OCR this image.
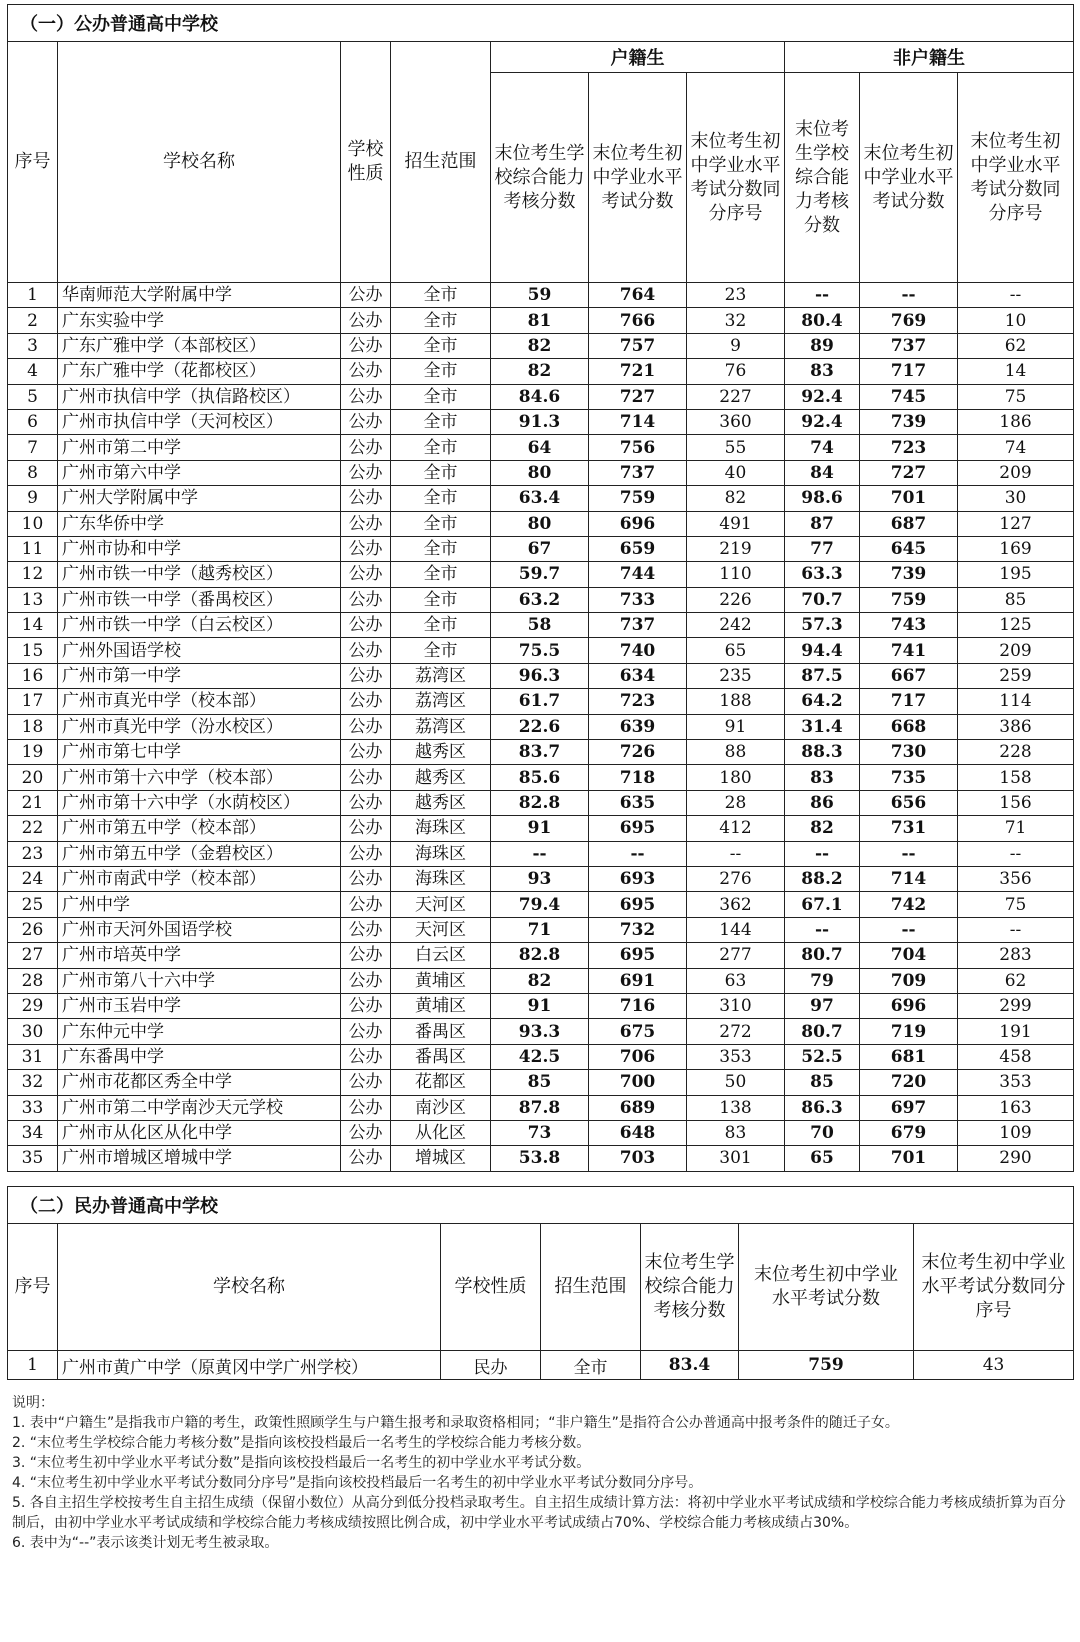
（一）公办普通高中学校									
序号	学校名称	学校性质	招生范围	户籍生			非户籍生		
				末位考生学校综合能力考核分数	末位考生初中学业水平考试分数	末位考生初中学业水平考试分数同分序号	末位考生学校综合能力考核分数	末位考生初中学业水平考试分数	末位考生初中学业水平考试分数同分序号
1	华南师范大学附属中学	公办	全市	59	764	23	--	--	--
2	广东实验中学	公办	全市	81	766	32	80.4	769	10
3	广东广雅中学（本部校区）	公办	全市	82	757	9	89	737	62
4	广东广雅中学（花都校区）	公办	全市	82	721	76	83	717	14
5	广州市执信中学（执信路校区）	公办	全市	84.6	727	227	92.4	745	75
6	广州市执信中学（天河校区）	公办	全市	91.3	714	360	92.4	739	186
7	广州市第二中学	公办	全市	64	756	55	74	723	74
8	广州市第六中学	公办	全市	80	737	40	84	727	209
9	广州大学附属中学	公办	全市	63.4	759	82	98.6	701	30
10	广东华侨中学	公办	全市	80	696	491	87	687	127
11	广州市协和中学	公办	全市	67	659	219	77	645	169
12	广州市铁一中学（越秀校区）	公办	全市	59.7	744	110	63.3	739	195
13	广州市铁一中学（番禺校区）	公办	全市	63.2	733	226	70.7	759	85
14	广州市铁一中学（白云校区）	公办	全市	58	737	242	57.3	743	125
15	广州外国语学校	公办	全市	75.5	740	65	94.4	741	209
16	广州市第一中学	公办	荔湾区	96.3	634	235	87.5	667	259
17	广州市真光中学（校本部）	公办	荔湾区	61.7	723	188	64.2	717	114
18	广州市真光中学（汾水校区）	公办	荔湾区	22.6	639	91	31.4	668	386
19	广州市第七中学	公办	越秀区	83.7	726	88	88.3	730	228
20	广州市第十六中学（校本部）	公办	越秀区	85.6	718	180	83	735	158
21	广州市第十六中学（水荫校区）	公办	越秀区	82.8	635	28	86	656	156
22	广州市第五中学（校本部）	公办	海珠区	91	695	412	82	731	71
23	广州市第五中学（金碧校区）	公办	海珠区	--	--	--	--	--	--
24	广州市南武中学（校本部）	公办	海珠区	93	693	276	88.2	714	356
25	广州中学	公办	天河区	79.4	695	362	67.1	742	75
26	广州市天河外国语学校	公办	天河区	71	732	144	--	--	--
27	广州市培英中学	公办	白云区	82.8	695	277	80.7	704	283
28	广州市第八十六中学	公办	黄埔区	82	691	63	79	709	62
29	广州市玉岩中学	公办	黄埔区	91	716	310	97	696	299
30	广东仲元中学	公办	番禺区	93.3	675	272	80.7	719	191
31	广东番禺中学	公办	番禺区	42.5	706	353	52.5	681	458
32	广州市花都区秀全中学	公办	花都区	85	700	50	85	720	353
33	广州市第二中学南沙天元学校	公办	南沙区	87.8	689	138	86.3	697	163
34	广州市从化区从化中学	公办	从化区	73	648	83	70	679	109
35	广州市增城区增城中学	公办	增城区	53.8	703	301	65	701	290
（二）民办普通高中学校						
序号	学校名称	学校性质	招生范围	末位考生学校综合能力考核分数	末位考生初中学业水平考试分数	末位考生初中学业水平考试分数同分序号
1	广州市黄广中学（原黄冈中学广州学校）	民办	全市	83.4	759	43
说明：
1. 表中“户籍生”是指我市户籍的考生，政策性照顾学生与户籍生报考和录取资格相同；“非户籍生”是指符合公办普通高中报考条件的随迁子女。
2. “末位考生学校综合能力考核分数”是指向该校投档最后一名考生的学校综合能力考核分数。
3. “末位考生初中学业水平考试分数”是指向该校投档最后一名考生的初中学业水平考试分数。
4. “末位考生初中学业水平考试分数同分序号”是指向该校投档最后一名考生的初中学业水平考试分数同分序号。
5. 各自主招生学校按考生自主招生成绩（保留小数位）从高分到低分投档录取考生。自主招生成绩计算方法：将初中学业水平考试成绩和学校综合能力考核成绩折算为百分制后，由初中学业水平考试成绩和学校综合能力考核成绩按照比例合成，初中学业水平考试成绩占70%、学校综合能力考核成绩占30%。
6. 表中为“--”表示该类计划无考生被录取。
